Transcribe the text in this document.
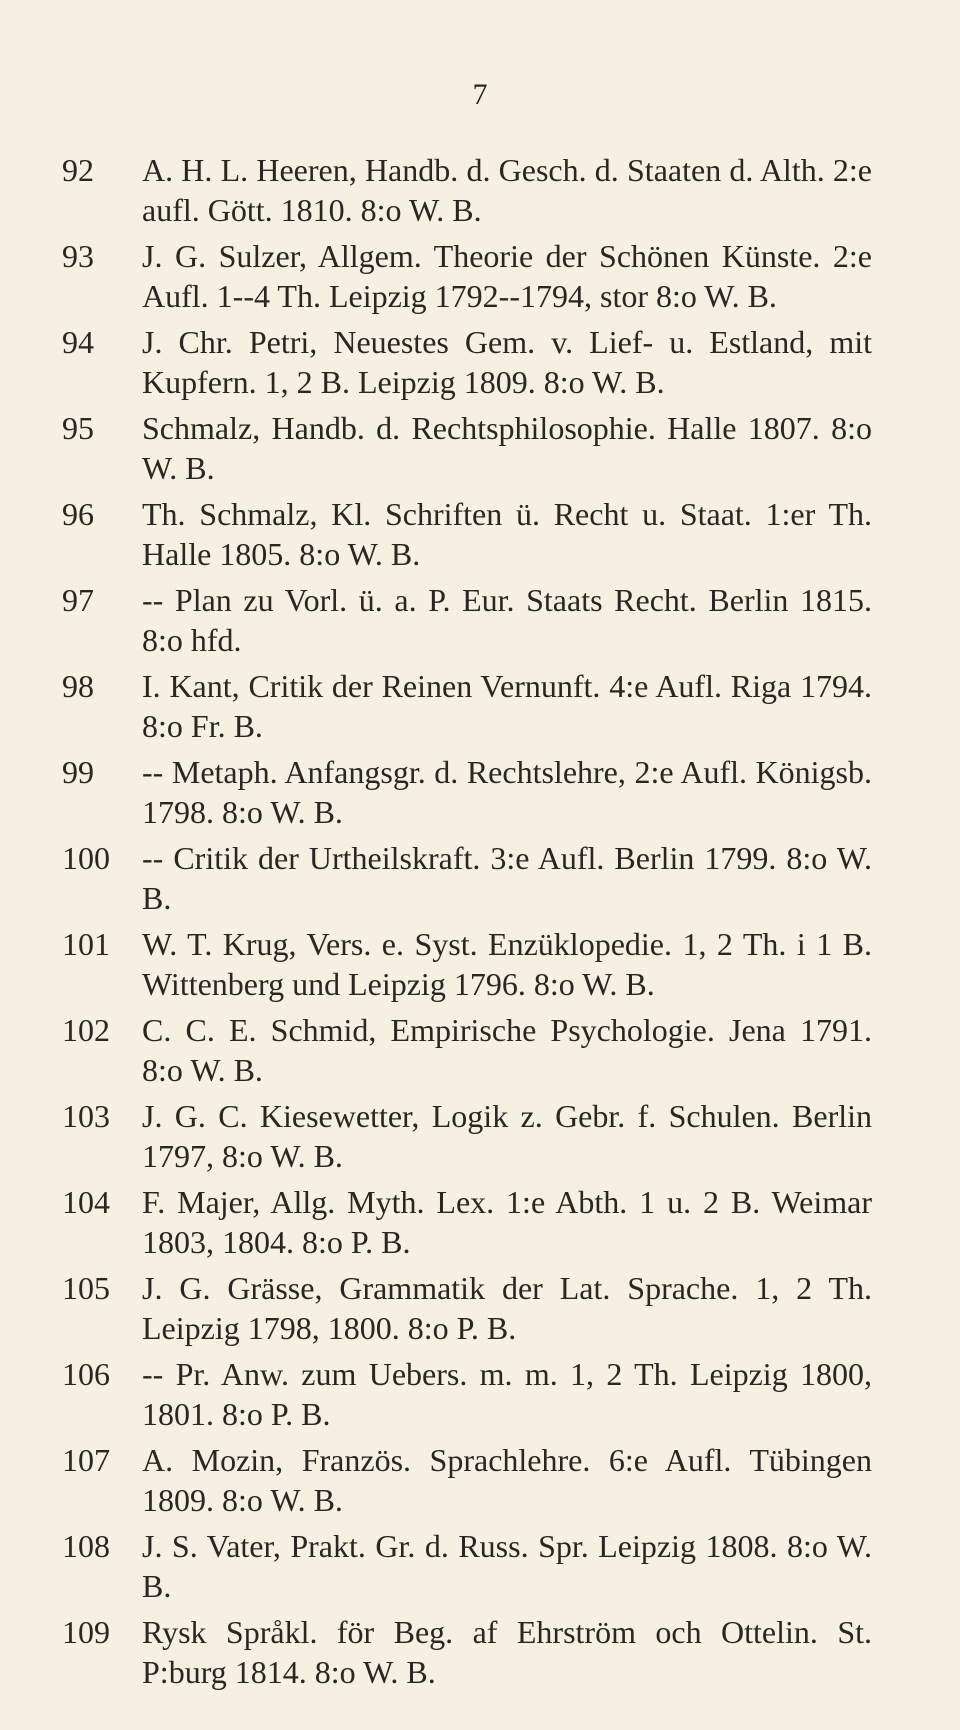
7
92	A. H. L. Heeren, Handb. d. Gesch. d. Staaten d. Alth. 2:e aufl. Gött. 1810. 8:o W. B.
93	J. G. Sulzer, Allgem. Theorie der Schönen Künste. 2:e Aufl. 1--4 Th. Leipzig 1792--1794, stor 8:o W. B.
94	J. Chr. Petri, Neuestes Gem. v. Lief- u. Estland, mit Kupfern. 1, 2 B. Leipzig 1809. 8:o W. B.
95	Schmalz, Handb. d. Rechtsphilosophie. Halle 1807. 8:o W. B.
96	Th. Schmalz, Kl. Schriften ü. Recht u. Staat. 1:er Th. Halle 1805. 8:o W. B.
97	-- Plan zu Vorl. ü. a. P. Eur. Staats Recht. Berlin 1815. 8:o hfd.
98	I. Kant, Critik der Reinen Vernunft. 4:e Aufl. Riga 1794. 8:o Fr. B.
99	-- Metaph. Anfangsgr. d. Rechtslehre, 2:e Aufl. Königsb. 1798. 8:o W. B.
100	-- Critik der Urtheilskraft. 3:e Aufl. Berlin 1799. 8:o W. B.
101	W. T. Krug, Vers. e. Syst. Enzüklopedie. 1, 2 Th. i 1 B. Wittenberg und Leipzig 1796. 8:o W. B.
102	C. C. E. Schmid, Empirische Psychologie. Jena 1791. 8:o W. B.
103	J. G. C. Kiesewetter, Logik z. Gebr. f. Schulen. Berlin 1797, 8:o W. B.
104	F. Majer, Allg. Myth. Lex. 1:e Abth. 1 u. 2 B. Weimar 1803, 1804. 8:o P. B.
105	J. G. Grässe, Grammatik der Lat. Sprache. 1, 2 Th. Leipzig 1798, 1800. 8:o P. B.
106	-- Pr. Anw. zum Uebers. m. m. 1, 2 Th. Leipzig 1800, 1801. 8:o P. B.
107	A. Mozin, Französ. Sprachlehre. 6:e Aufl. Tübingen 1809. 8:o W. B.
108	J. S. Vater, Prakt. Gr. d. Russ. Spr. Leipzig 1808. 8:o W. B.
109	Rysk Språkl. för Beg. af Ehrström och Ottelin. St. P:burg 1814. 8:o W. B.
